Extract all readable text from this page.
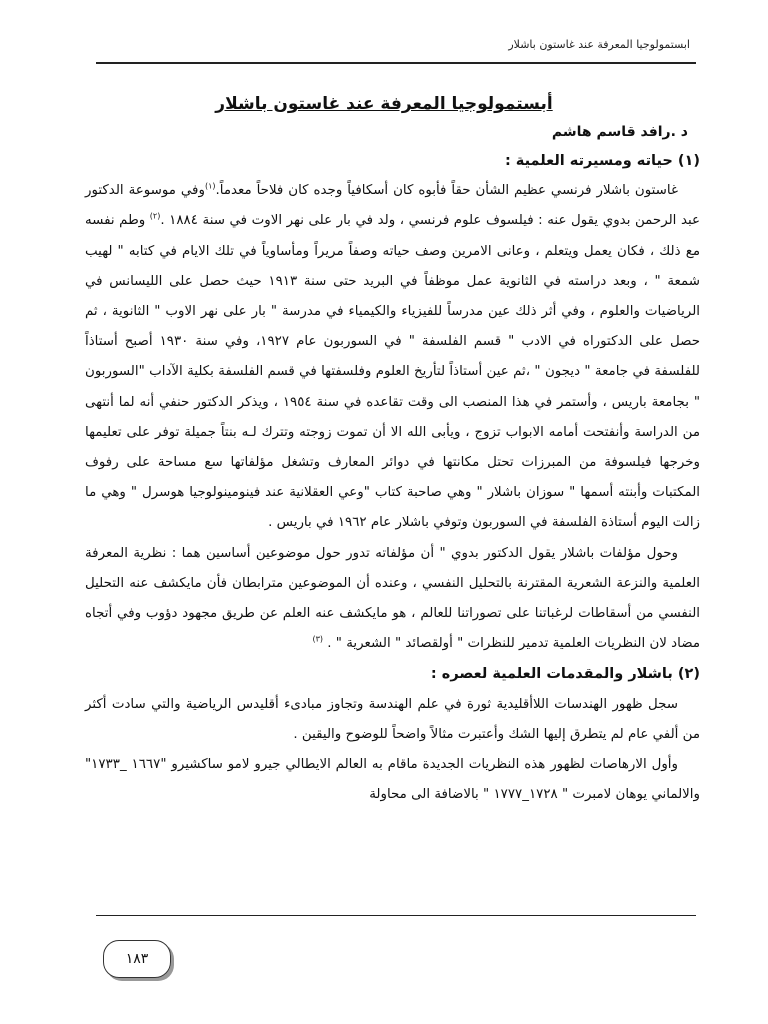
ابستمولوجيا المعرفة عند غاستون باشلار
أبستمولوجيا المعرفة عند غاستون باشلار
د .رافد قاسم هاشم
(١) حياته ومسيرته العلمية :

غاستون باشلار فرنسي عظيم الشأن حقاً فأبوه كان أسكافياً وجده كان فلاحاً معدماً.$^{(١)}$وفي موسوعة الدكتور عبد الرحمن بدوي يقول عنه : فيلسوف علوم فرنسي ، ولد في بار على نهر الاوت في سنة ١٨٨٤ .$^{(٢)}$ وطم نفسه مع ذلك ، فكان يعمل ويتعلم ، وعانى الامرين وصف حياته وصفاً مريراً ومأساوياً في تلك الايام في كتابه " لهيب شمعة " ، وبعد دراسته في الثانوية عمل موظفاً في البريد حتى سنة ١٩١٣ حيث حصل على الليسانس في الرياضيات والعلوم ، وفي أثر ذلك عين مدرساً للفيزياء والكيمياء في مدرسة " بار على نهر الاوب " الثانوية ، ثم حصل على الدكتوراه في الادب " قسم الفلسفة " في السوربون عام ١٩٢٧، وفي سنة ١٩٣٠ أصبح أستاذاً للفلسفة في جامعة " ديجون " ،ثم عين أستاذاً لتأريخ العلوم وفلسفتها في قسم الفلسفة بكلية الآداب "السوربون " بجامعة باريس ، وأستمر في هذا المنصب الى وقت تقاعده في سنة ١٩٥٤ ، ويذكر الدكتور حنفي أنه لما أنتهى من الدراسة وأنفتحت أمامه الابواب تزوج ، ويأبى الله الا أن تموت زوجته وتترك لـه بنتاً جميلة توفر على تعليمها وخرجها فيلسوفة من المبرزات تحتل مكانتها في دوائر المعارف وتشغل مؤلفاتها سع مساحة على رفوف المكتبات وأبنته أسمها " سوزان باشلار " وهي صاحبة كتاب "وعي العقلانية عند فينومينولوجيا هوسرل " وهي ما زالت اليوم أستاذة الفلسفة في السوربون وتوفي باشلار عام ١٩٦٢ في باريس .

وحول مؤلفات باشلار يقول الدكتور بدوي " أن مؤلفاته تدور حول موضوعين أساسين هما : نظرية المعرفة العلمية والنزعة الشعرية المقترنة بالتحليل النفسي ، وعنده أن الموضوعين مترابطان فأن مايكشف عنه التحليل النفسي من أسقاطات لرغباتنا على تصوراتنا للعالم ، هو مايكشف عنه العلم عن طريق مجهود دؤوب وفي أتجاه مضاد لان النظريات العلمية تدمير للنظرات " أولقصائد " الشعرية " . $^{(٣)}$

(٢) باشلار والمقدمات العلمية لعصره :

سجل ظهور الهندسات اللاأقليدية ثورة في علم الهندسة وتجاوز مبادىء أقليدس الرياضية والتي سادت أكثر من ألفي عام لم يتطرق إليها الشك وأعتبرت مثالاً واضحاً للوضوح واليقين .

وأول الارهاصات لظهور هذه النظريات الجديدة ماقام به العالم الايطالي جيرو لامو ساكشيرو "١٦٦٧ _١٧٣٣" والالماني يوهان لامبرت " ١٧٢٨_١٧٧٧ " بالاضافة الى محاولة

١٨٣
